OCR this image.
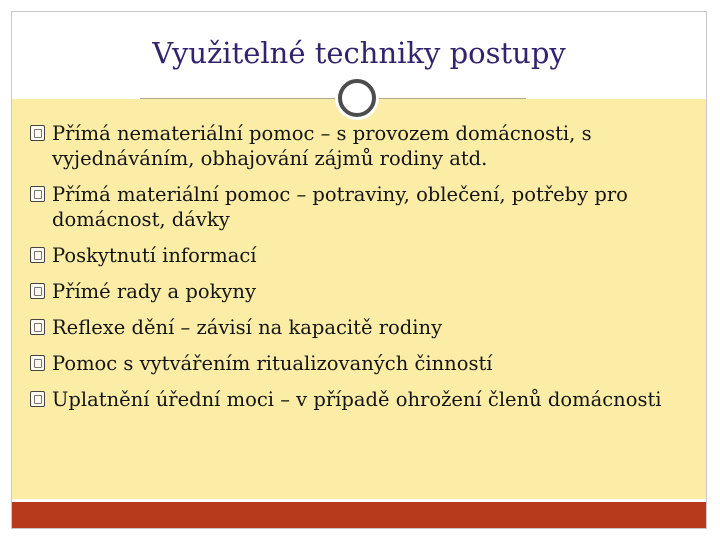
Využitelné techniky postupy
Přímá nemateriální pomoc – s provozem domácnosti, s vyjednáváním, obhajování zájmů rodiny atd.
Přímá materiální pomoc – potraviny, oblečení, potřeby pro domácnost, dávky
Poskytnutí informací
Přímé rady a pokyny
Reflexe dění – závisí na kapacitě rodiny
Pomoc s vytvářením ritualizovaných činností
Uplatnění úřední moci – v případě ohrožení členů domácnosti
